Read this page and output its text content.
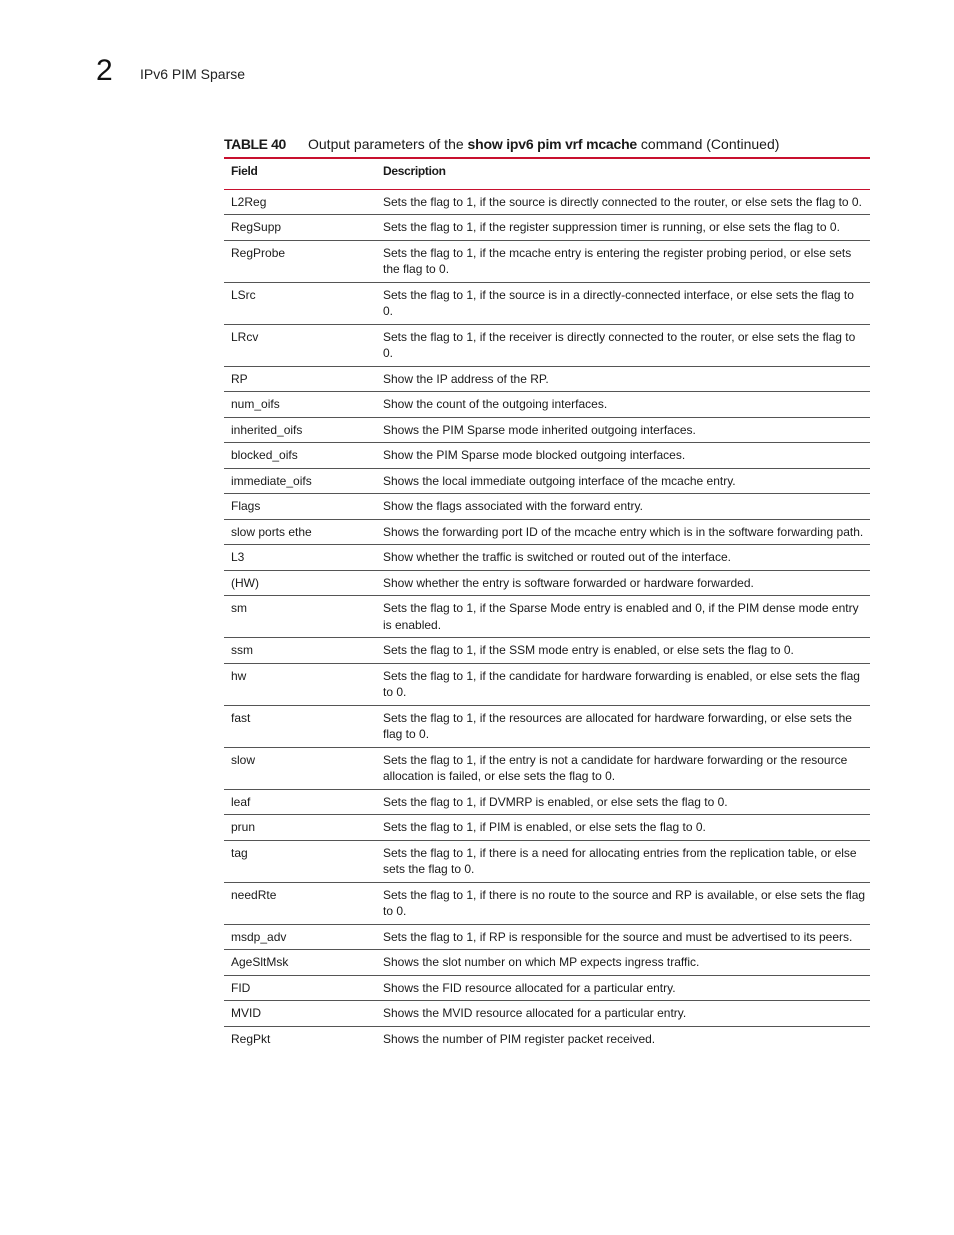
2 IPv6 PIM Sparse
TABLE 40 Output parameters of the show ipv6 pim vrf mcache command (Continued)
Field	Description
L2Reg	Sets the flag to 1, if the source is directly connected to the router, or else sets the flag to 0.
RegSupp	Sets the flag to 1, if the register suppression timer is running, or else sets the flag to 0.
RegProbe	Sets the flag to 1, if the mcache entry is entering the register probing period, or else sets the flag to 0.
LSrc	Sets the flag to 1, if the source is in a directly-connected interface, or else sets the flag to 0.
LRcv	Sets the flag to 1, if the receiver is directly connected to the router, or else sets the flag to 0.
RP	Show the IP address of the RP.
num_oifs	Show the count of the outgoing interfaces.
inherited_oifs	Shows the PIM Sparse mode inherited outgoing interfaces.
blocked_oifs	Show the PIM Sparse mode blocked outgoing interfaces.
immediate_oifs	Shows the local immediate outgoing interface of the mcache entry.
Flags	Show the flags associated with the forward entry.
slow ports ethe	Shows the forwarding port ID of the mcache entry which is in the software forwarding path.
L3	Show whether the traffic is switched or routed out of the interface.
(HW)	Show whether the entry is software forwarded or hardware forwarded.
sm	Sets the flag to 1, if the Sparse Mode entry is enabled and 0, if the PIM dense mode entry is enabled.
ssm	Sets the flag to 1, if the SSM mode entry is enabled, or else sets the flag to 0.
hw	Sets the flag to 1, if the candidate for hardware forwarding is enabled, or else sets the flag to 0.
fast	Sets the flag to 1, if the resources are allocated for hardware forwarding, or else sets the flag to 0.
slow	Sets the flag to 1, if the entry is not a candidate for hardware forwarding or the resource allocation is failed, or else sets the flag to 0.
leaf	Sets the flag to 1, if DVMRP is enabled, or else sets the flag to 0.
prun	Sets the flag to 1, if PIM is enabled, or else sets the flag to 0.
tag	Sets the flag to 1, if there is a need for allocating entries from the replication table, or else sets the flag to 0.
needRte	Sets the flag to 1, if there is no route to the source and RP is available, or else sets the flag to 0.
msdp_adv	Sets the flag to 1, if RP is responsible for the source and must be advertised to its peers.
AgeSltMsk	Shows the slot number on which MP expects ingress traffic.
FID	Shows the FID resource allocated for a particular entry.
MVID	Shows the MVID resource allocated for a particular entry.
RegPkt	Shows the number of PIM register packet received.
